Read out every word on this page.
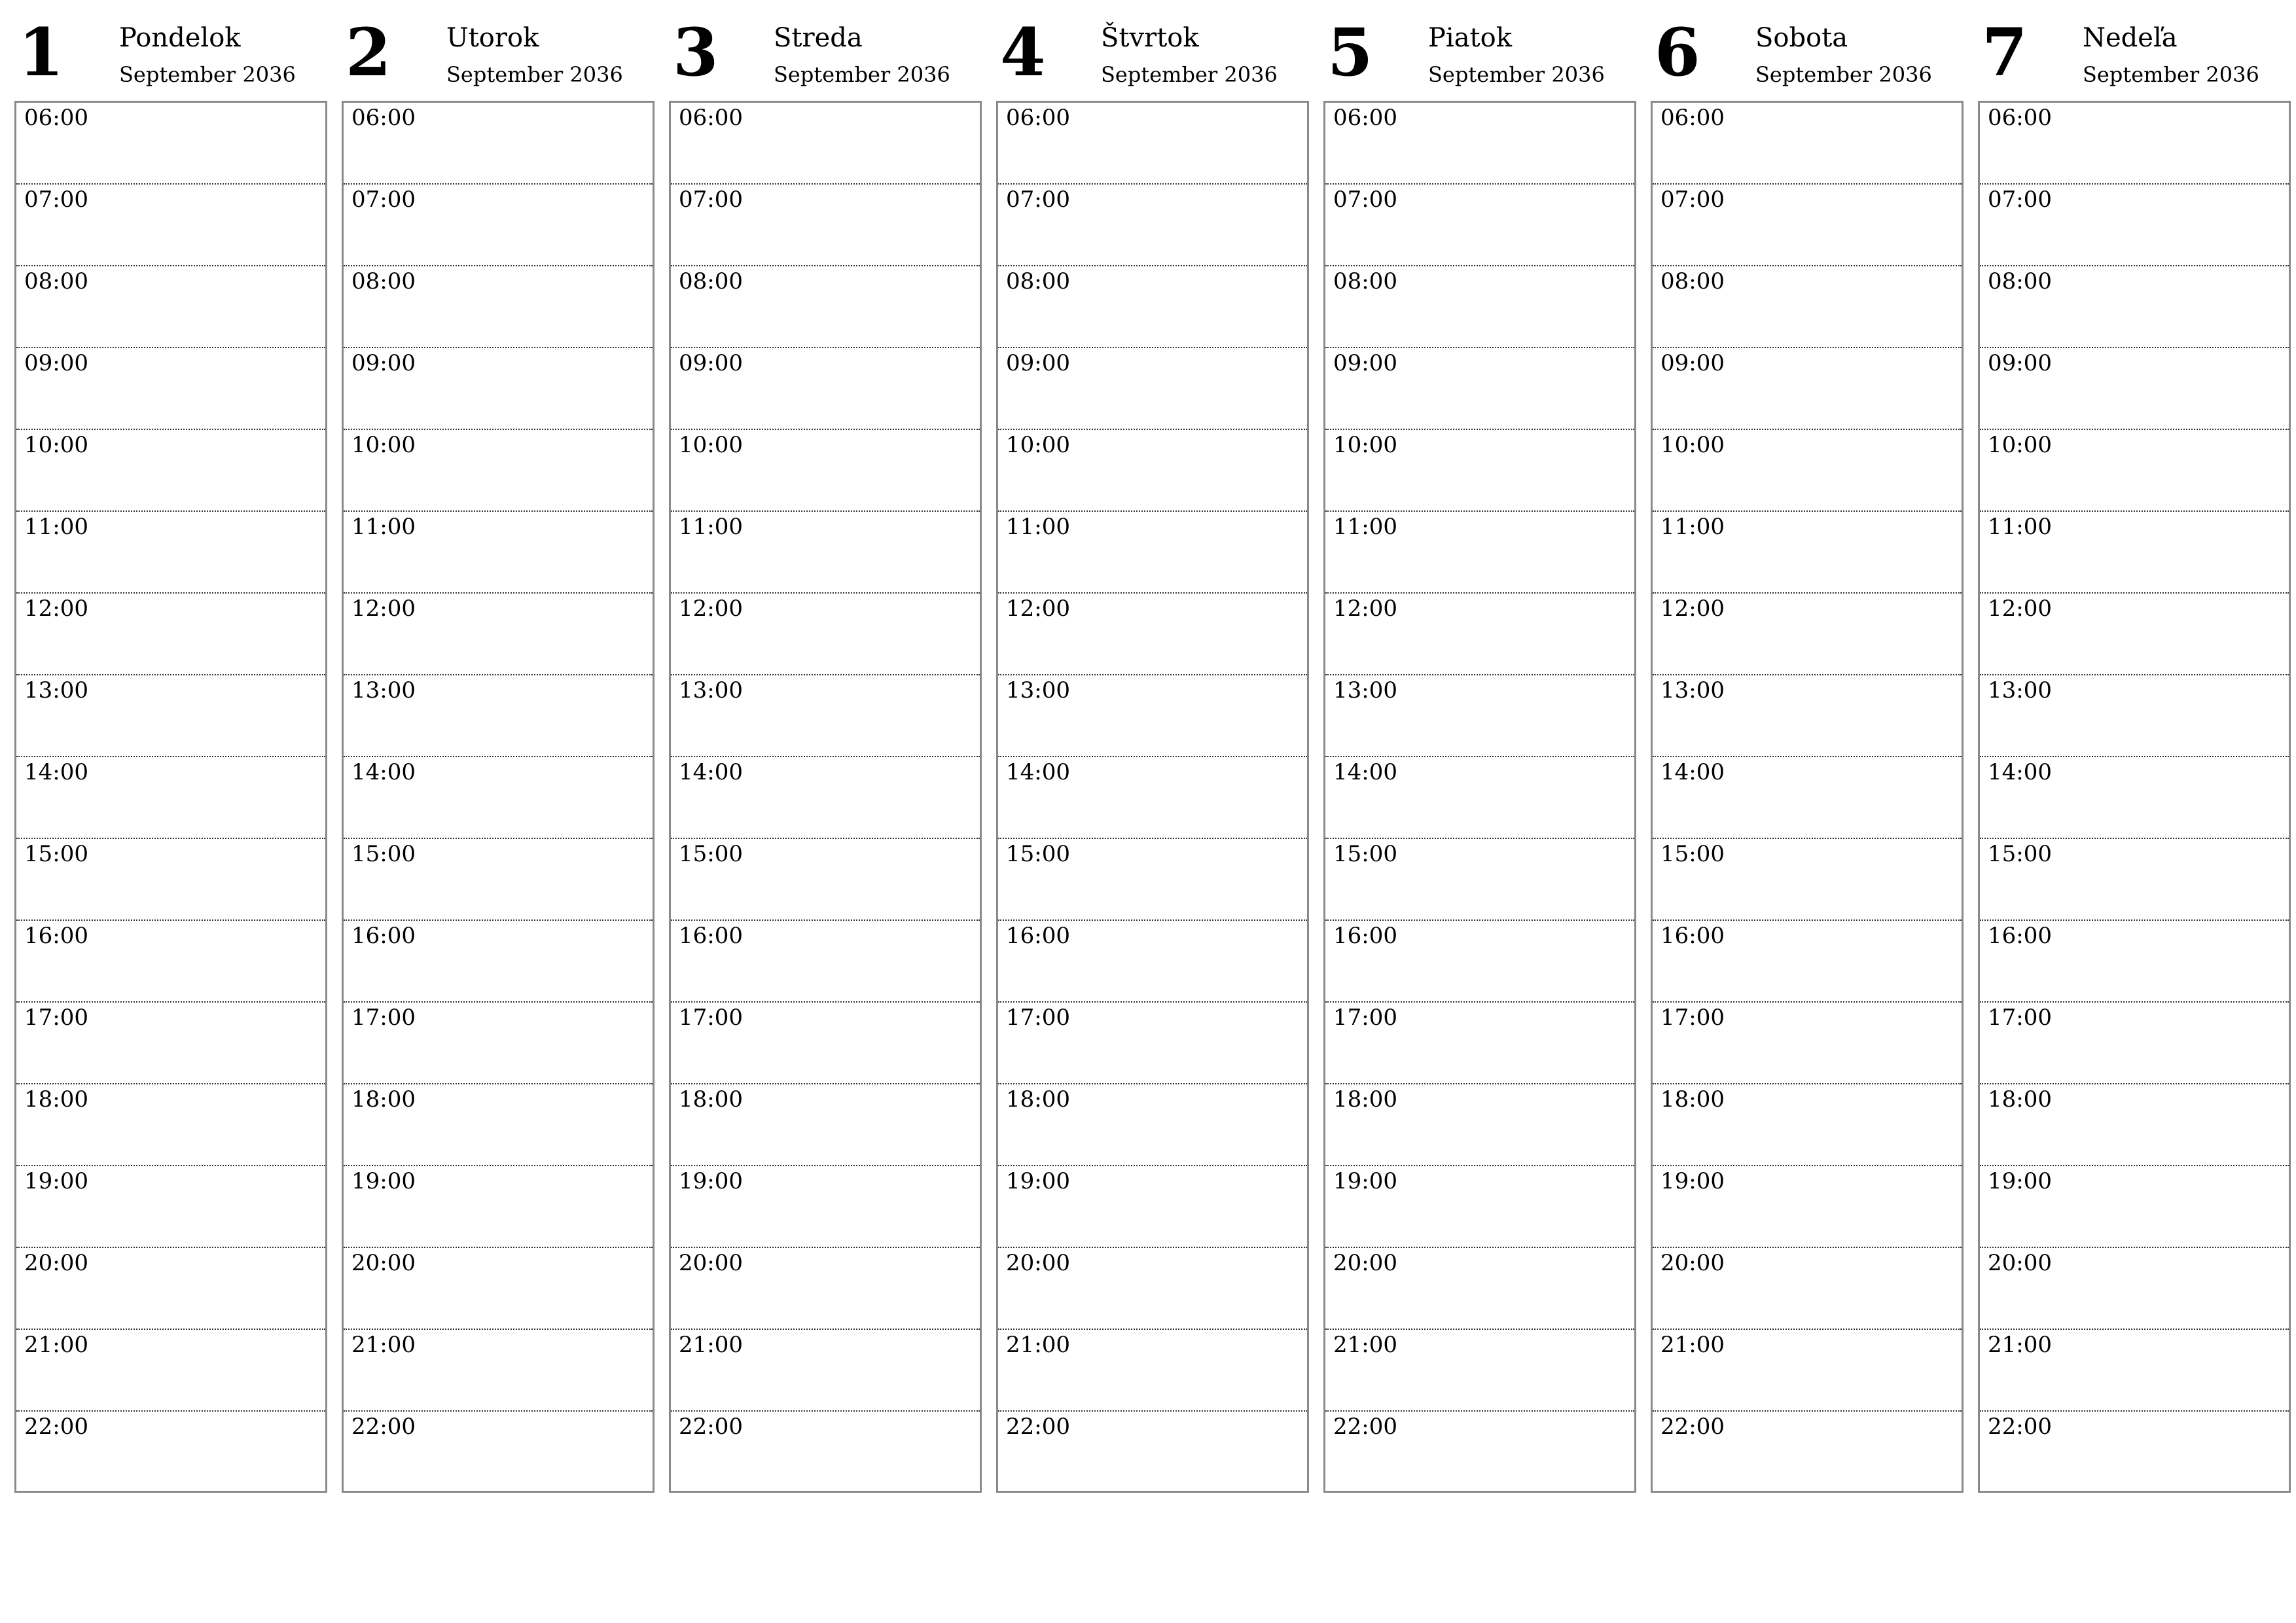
1 Pondelok
September 2036
06:00
07:00
08:00
09:00
10:00
11:00
12:00
13:00
14:00
15:00
16:00
17:00
18:00
19:00
20:00
21:00
22:00
2 Utorok
September 2036
06:00
07:00
08:00
09:00
10:00
11:00
12:00
13:00
14:00
15:00
16:00
17:00
18:00
19:00
20:00
21:00
22:00
3 Streda
September 2036
06:00
07:00
08:00
09:00
10:00
11:00
12:00
13:00
14:00
15:00
16:00
17:00
18:00
19:00
20:00
21:00
22:00
4 Štvrtok
September 2036
06:00
07:00
08:00
09:00
10:00
11:00
12:00
13:00
14:00
15:00
16:00
17:00
18:00
19:00
20:00
21:00
22:00
5 Piatok
September 2036
06:00
07:00
08:00
09:00
10:00
11:00
12:00
13:00
14:00
15:00
16:00
17:00
18:00
19:00
20:00
21:00
22:00
6 Sobota
September 2036
06:00
07:00
08:00
09:00
10:00
11:00
12:00
13:00
14:00
15:00
16:00
17:00
18:00
19:00
20:00
21:00
22:00
7 Nedeľa
September 2036
06:00
07:00
08:00
09:00
10:00
11:00
12:00
13:00
14:00
15:00
16:00
17:00
18:00
19:00
20:00
21:00
22:00
